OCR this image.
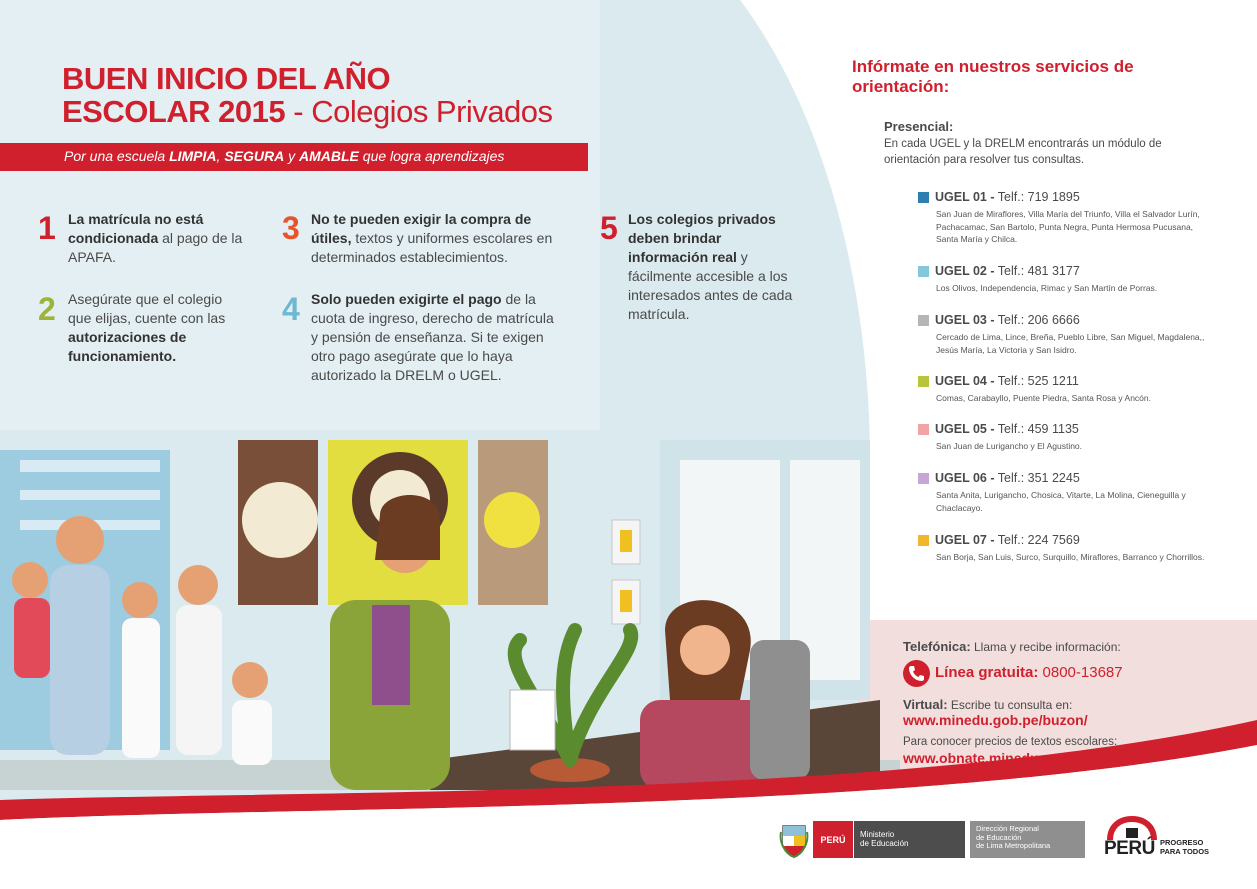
BUEN INICIO DEL AÑO
ESCOLAR 2015 - Colegios Privados
Por una escuela LIMPIA, SEGURA y AMABLE que logra aprendizajes
1 La matrícula no está condicionada al pago de la APAFA.
2 Asegúrate que el colegio que elijas, cuente con las autorizaciones de funcionamiento.
3 No te pueden exigir la compra de útiles, textos y uniformes escolares en determinados establecimientos.
4 Solo pueden exigirte el pago de la cuota de ingreso, derecho de matrícula y pensión de enseñanza. Si te exigen otro pago asegúrate que lo haya autorizado la DRELM o UGEL.
5 Los colegios privados deben brindar información real y fácilmente accesible a los interesados antes de cada matrícula.
Infórmate en nuestros servicios de orientación:
Presencial:
En cada UGEL y la DRELM encontrarás un módulo de orientación para resolver tus consultas.
UGEL 01 - Telf.: 719 1895
San Juan de Miraflores, Villa María del Triunfo, Villa el Salvador Lurín, Pachacamac, San Bartolo, Punta Negra, Punta Hermosa Pucusana, Santa María y Chilca.
UGEL 02 - Telf.: 481 3177
Los Olivos, Independencia, Rimac y San Martín de Porras.
UGEL 03 - Telf.: 206 6666
Cercado de Lima, Lince, Breña, Pueblo Libre, San Miguel, Magdalena,, Jesús María, La Victoria y San Isidro.
UGEL 04 - Telf.: 525 1211
Comas, Carabayllo, Puente Piedra, Santa Rosa y Ancón.
UGEL 05 - Telf.: 459 1135
San Juan de Lurigancho y El Agustino.
UGEL 06 - Telf.: 351 2245
Santa Anita, Lurigancho, Chosica, Vitarte, La Molina, Cieneguilla y Chaclacayo.
UGEL 07 - Telf.: 224 7569
San Borja, San Luis, Surco, Surquillo, Miraflores, Barranco y Chorrillos.
Telefónica: Llama y recibe información:
Línea gratuita: 0800-13687
Virtual: Escribe tu consulta en:
www.minedu.gob.pe/buzon/
Para conocer precios de textos escolares:
www.obnate.minedu.gob.pe/
PERÚ	Ministerio
de Educación
Dirección Regional
de Educación
de Lima Metropolitana	PERÚ PROGRESO
PARA TODOS
